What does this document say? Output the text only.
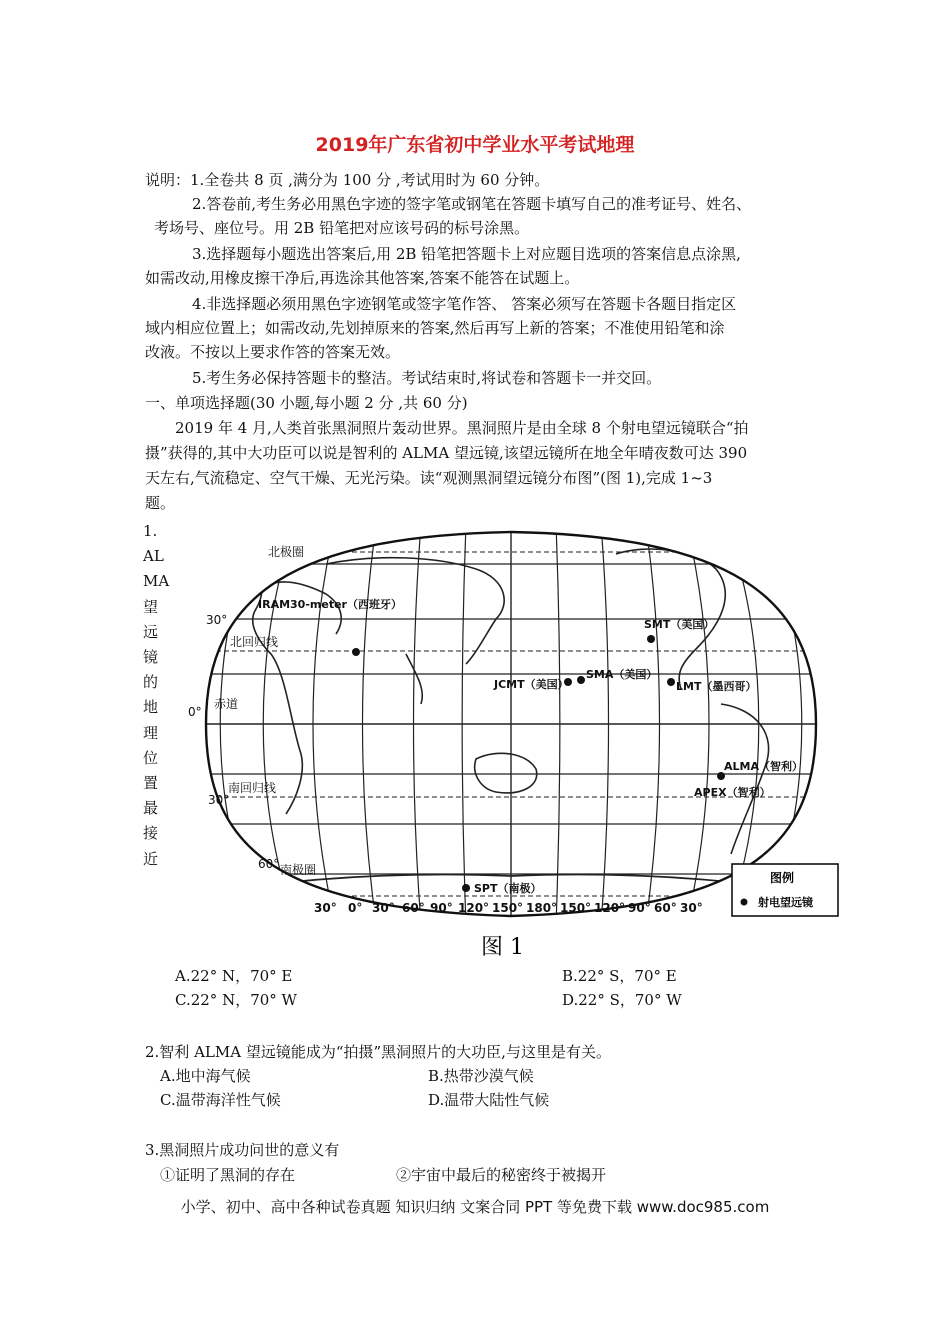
2019年广东省初中学业水平考试地理
说明：1.全卷共 8 页 ,满分为 100 分 ,考试用时为 60 分钟。
2.答卷前,考生务必用黑色字迹的签字笔或钢笔在答题卡填写自己的准考证号、姓名、
考场号、座位号。用 2B 铅笔把对应该号码的标号涂黑。
3.选择题每小题选出答案后,用 2B 铅笔把答题卡上对应题目选项的答案信息点涂黑,
如需改动,用橡皮擦干净后,再选涂其他答案,答案不能答在试题上。
4.非选择题必须用黑色字迹钢笔或签字笔作答、 答案必须写在答题卡各题目指定区
域内相应位置上；如需改动,先划掉原来的答案,然后再写上新的答案；不准使用铅笔和涂
改液。不按以上要求作答的答案无效。
5.考生务必保持答题卡的整洁。考试结束时,将试卷和答题卡一并交回。
一、单项选择题(30 小题,每小题 2 分 ,共 60 分)
2019 年 4 月,人类首张黑洞照片轰动世界。黑洞照片是由全球 8 个射电望远镜联合“拍
摄”获得的,其中大功臣可以说是智利的 ALMA 望远镜,该望远镜所在地全年晴夜数可达 390
天左右,气流稳定、空气干燥、无光污染。读“观测黑洞望远镜分布图”(图 1),完成 1~3
题。
1.
AL
MA
望
远
镜
的
地
理
位
置
最
接
近
北极圈
30°
北回归线
0°
赤道
南回归线
30°
60° 南极圈
IRAM30-meter（西班牙）
SMT（美国）
JCMT（美国）
SMA（美国）
LMT（墨西哥）
ALMA（智利）
APEX（智利）
SPT（南极）
30° 0° 30° 60° 90° 120° 150° 180° 150° 120° 90° 60° 30°
图例
射电望远镜
图 1
A.22° N，70° E	B.22° S，70° E
C.22° N，70° W	D.22° S，70° W
2.智利 ALMA 望远镜能成为“拍摄”黑洞照片的大功臣,与这里是有关。
A.地中海气候	B.热带沙漠气候
C.温带海洋性气候	D.温带大陆性气候
3.黑洞照片成功问世的意义有
①证明了黑洞的存在	②宇宙中最后的秘密终于被揭开
小学、初中、高中各种试卷真题 知识归纳 文案合同 PPT 等免费下载 www.doc985.com
